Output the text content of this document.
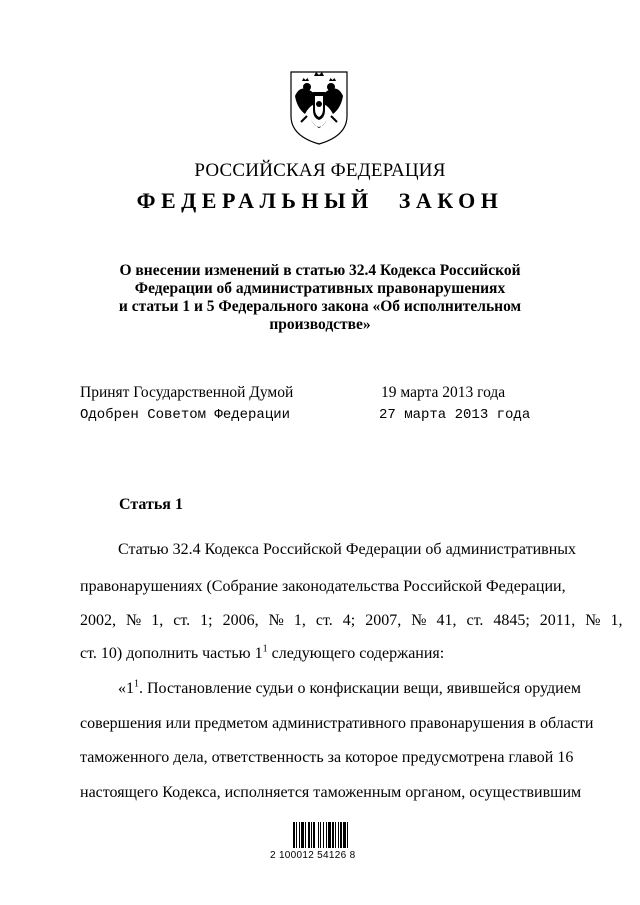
РОССИЙСКАЯ ФЕДЕРАЦИЯ
ФЕДЕРАЛЬНЫЙ ЗАКОН
О внесении изменений в статью 32.4 Кодекса Российской
Федерации об административных правонарушениях
и статьи 1 и 5 Федерального закона «Об исполнительном
производстве»
Принят Государственной Думой	19 марта 2013 года
Одобрен Советом Федерации	27 марта 2013 года
Статья 1
Статью 32.4 Кодекса Российской Федерации об административных
правонарушениях (Собрание законодательства Российской Федерации,
2002, № 1, ст. 1; 2006, № 1, ст. 4; 2007, № 41, ст. 4845; 2011, № 1,
ст. 10) дополнить частью $1^1$ следующего содержания:
«$1^1$. Постановление судьи о конфискации вещи, явившейся орудием
совершения или предметом административного правонарушения в области
таможенного дела, ответственность за которое предусмотрена главой 16
настоящего Кодекса, исполняется таможенным органом, осуществившим
2 100012 54126 8
